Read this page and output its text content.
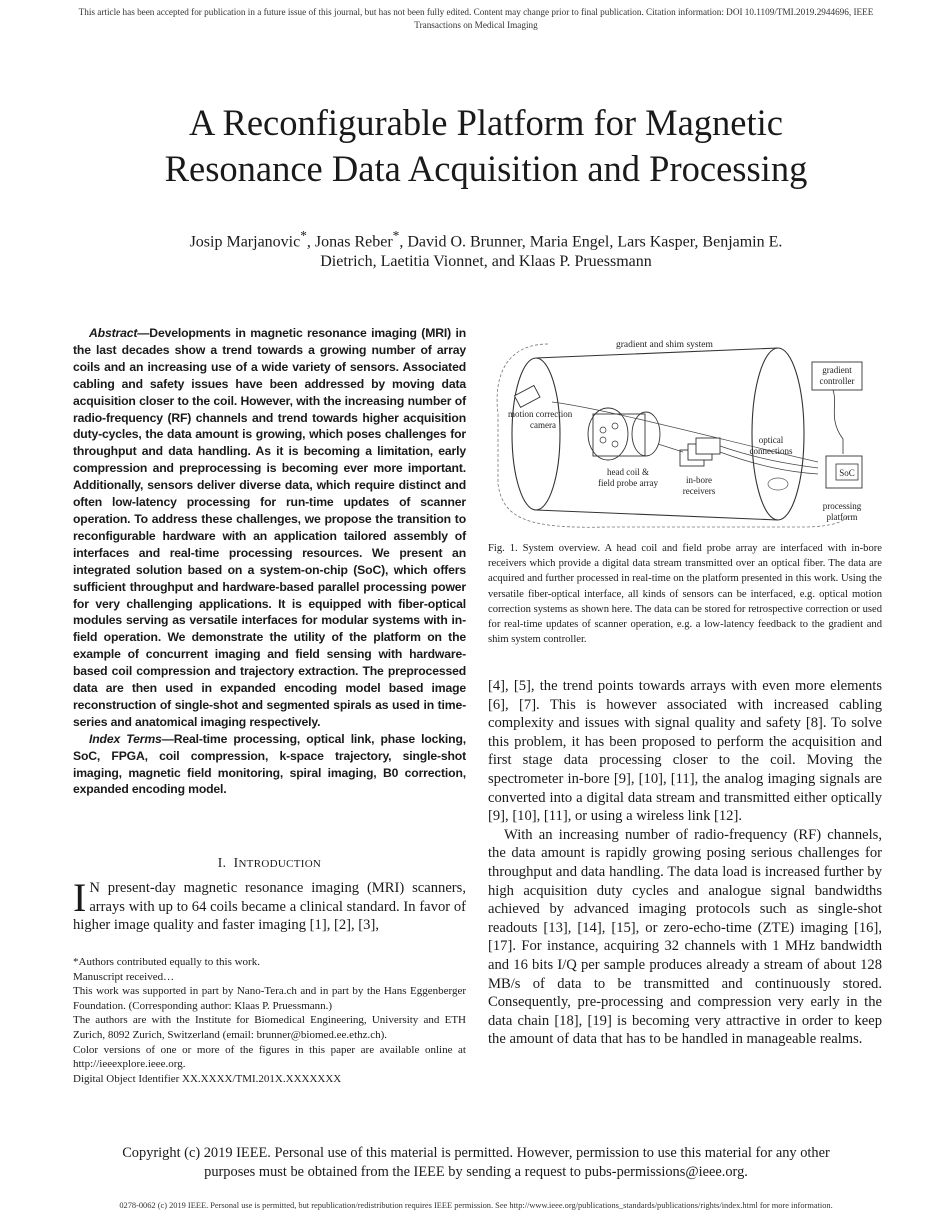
This article has been accepted for publication in a future issue of this journal, but has not been fully edited. Content may change prior to final publication. Citation information: DOI 10.1109/TMI.2019.2944696, IEEE
Transactions on Medical Imaging
A Reconfigurable Platform for Magnetic
Resonance Data Acquisition and Processing
Josip Marjanovic*, Jonas Reber*, David O. Brunner, Maria Engel, Lars Kasper, Benjamin E.
Dietrich, Laetitia Vionnet, and Klaas P. Pruessmann

Abstract—Developments in magnetic resonance imaging (MRI) in the last decades show a trend towards a growing number of array coils and an increasing use of a wide variety of sensors. Associated cabling and safety issues have been addressed by moving data acquisition closer to the coil. However, with the increasing number of radio-frequency (RF) channels and trend towards higher acquisition duty-cycles, the data amount is growing, which poses challenges for throughput and data handling. As it is becoming a limitation, early compression and preprocessing is becoming ever more important. Additionally, sensors deliver diverse data, which require distinct and often low-latency processing for run-time updates of scanner operation. To address these challenges, we propose the transition to reconfigurable hardware with an application tailored assembly of interfaces and real-time processing resources. We present an integrated solution based on a system-on-chip (SoC), which offers sufficient throughput and hardware-based parallel processing power for very challenging applications. It is equipped with fiber-optical modules serving as versatile interfaces for modular systems with in-field operation. We demonstrate the utility of the platform on the example of concurrent imaging and field sensing with hardware-based coil compression and trajectory extraction. The preprocessed data are then used in expanded encoding model based image reconstruction of single-shot and segmented spirals as used in time-series and anatomical imaging respectively.

Index Terms—Real-time processing, optical link, phase locking, SoC, FPGA, coil compression, k-space trajectory, single-shot imaging, magnetic field monitoring, spiral imaging, B0 correction, expanded encoding model.

I. INTRODUCTION
I N present-day magnetic resonance imaging (MRI) scanners, arrays with up to 64 coils became a clinical standard. In favor of higher image quality and faster imaging [1], [2], [3],
*Authors contributed equally to this work.
Manuscript received…
This work was supported in part by Nano-Tera.ch and in part by the Hans Eggenberger Foundation. (Corresponding author: Klaas P. Pruessmann.)
The authors are with the Institute for Biomedical Engineering, University and ETH Zurich, 8092 Zurich, Switzerland (email: brunner@biomed.ee.ethz.ch).
Color versions of one or more of the figures in this paper are available online at http://ieeexplore.ieee.org.
Digital Object Identifier XX.XXXX/TMI.201X.XXXXXXX
gradient and shim system
gradient
controller
motion correction
camera
head coil &
field probe array	in-bore
receivers
optical
connections
SoC
processing
platform
Fig. 1. System overview. A head coil and field probe array are interfaced with in-bore receivers which provide a digital data stream transmitted over an optical fiber. The data are acquired and further processed in real-time on the platform presented in this work. Using the versatile fiber-optical interface, all kinds of sensors can be interfaced, e.g. optical motion correction systems as shown here. The data can be stored for retrospective correction or used for real-time updates of scanner operation, e.g. a low-latency feedback to the gradient and shim system controller.

[4], [5], the trend points towards arrays with even more elements [6], [7]. This is however associated with increased cabling complexity and issues with signal quality and safety [8]. To solve this problem, it has been proposed to perform the acquisition and first stage data processing closer to the coil. Moving the spectrometer in-bore [9], [10], [11], the analog imaging signals are converted into a digital data stream and transmitted either optically [9], [10], [11], or using a wireless link [12].

With an increasing number of radio-frequency (RF) channels, the data amount is rapidly growing posing serious challenges for throughput and data handling. The data load is increased further by high acquisition duty cycles and analogue signal bandwidths achieved by advanced imaging protocols such as single-shot readouts [13], [14], [15], or zero-echo-time (ZTE) imaging [16], [17]. For instance, acquiring 32 channels with 1 MHz bandwidth and 16 bits I/Q per sample produces already a stream of about 128 MB/s of data to be transmitted and continuously stored. Consequently, pre-processing and compression very early in the data chain [18], [19] is becoming very attractive in order to keep the amount of data that has to be handled in manageable realms.

Copyright (c) 2019 IEEE. Personal use of this material is permitted. However, permission to use this material for any other
purposes must be obtained from the IEEE by sending a request to pubs-permissions@ieee.org.
0278-0062 (c) 2019 IEEE. Personal use is permitted, but republication/redistribution requires IEEE permission. See http://www.ieee.org/publications_standards/publications/rights/index.html for more information.
